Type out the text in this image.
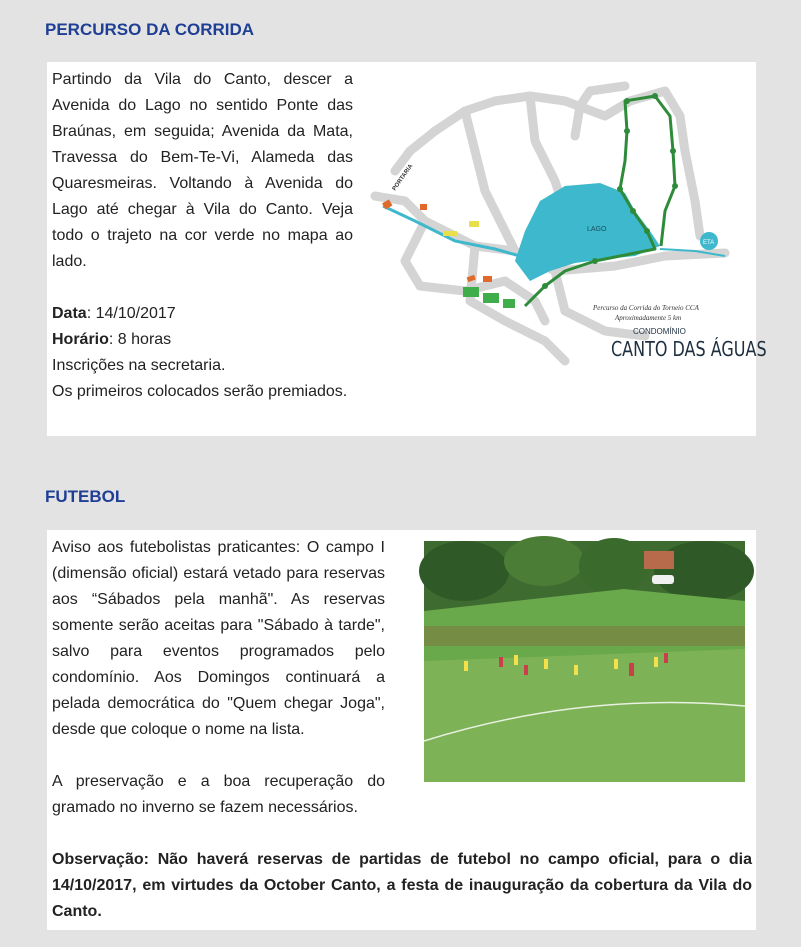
PERCURSO DA CORRIDA

Partindo da Vila do Canto, descer a Avenida do Lago no sentido Ponte das Braúnas, em seguida; Avenida da Mata, Travessa do Bem-Te-Vi, Alameda das Quaresmeiras. Voltando à Avenida do Lago até chegar à Vila do Canto. Veja todo o trajeto na cor verde no mapa ao lado.

Data: 14/10/2017

Horário: 8 horas

Inscrições na secretaria.

Os primeiros colocados serão premiados.

LAGO
ETA
PORTARIA
Percurso da Corrida do Torneio CCA
Aproximadamente 5 km
CONDOMÍNIO
CANTO DAS ÁGUAS
FUTEBOL

Aviso aos futebolistas praticantes: O campo I (dimensão oficial) estará vetado para reservas aos “Sábados pela manhã". As reservas somente serão aceitas para "Sábado à tarde", salvo para eventos programados pelo condomínio. Aos Domingos continuará a pelada democrática do "Quem chegar Joga", desde que coloque o nome na lista.

A preservação e a boa recuperação do gramado no inverno se fazem necessários.

Observação: Não haverá reservas de partidas de futebol no campo oficial, para o dia 14/10/2017, em virtudes da October Canto, a festa de inauguração da cobertura da Vila do Canto.
